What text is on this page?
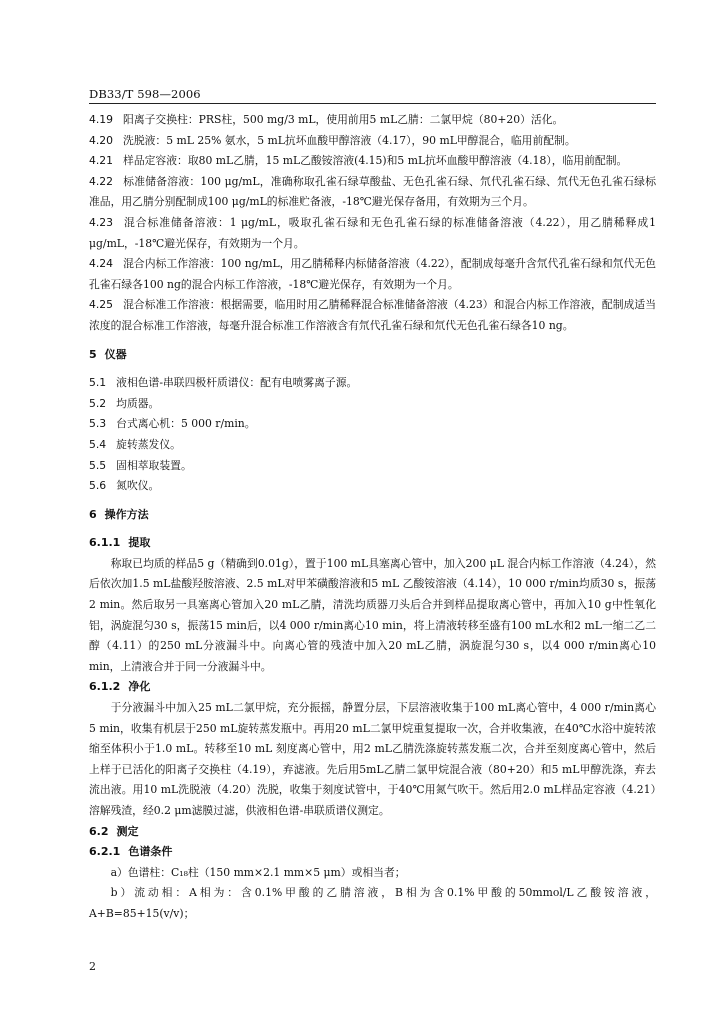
DB33/T 598—2006

4.19 阳离子交换柱：PRS柱，500 mg/3 mL，使用前用5 mL乙腈：二氯甲烷（80+20）活化。

4.20 洗脱液：5 mL 25% 氨水，5 mL抗坏血酸甲醇溶液（4.17），90 mL甲醇混合，临用前配制。

4.21 样品定容液：取80 mL乙腈，15 mL乙酸铵溶液(4.15)和5 mL抗坏血酸甲醇溶液（4.18），临用前配制。

4.22 标准储备溶液：100 μg/mL，准确称取孔雀石绿草酸盐、无色孔雀石绿、氘代孔雀石绿、氘代无色孔雀石绿标准品，用乙腈分别配制成100 μg/mL的标准贮备液，-18℃避光保存备用，有效期为三个月。

4.23 混合标准储备溶液：1 μg/mL，吸取孔雀石绿和无色孔雀石绿的标准储备溶液（4.22），用乙腈稀释成1 μg/mL，-18℃避光保存，有效期为一个月。

4.24 混合内标工作溶液：100 ng/mL，用乙腈稀释内标储备溶液（4.22），配制成每毫升含氘代孔雀石绿和氘代无色孔雀石绿各100 ng的混合内标工作溶液，-18℃避光保存，有效期为一个月。

4.25 混合标准工作溶液：根据需要，临用时用乙腈稀释混合标准储备溶液（4.23）和混合内标工作溶液，配制成适当浓度的混合标准工作溶液，每毫升混合标准工作溶液含有氘代孔雀石绿和氘代无色孔雀石绿各10 ng。

5 仪器

5.1 液相色谱-串联四极杆质谱仪：配有电喷雾离子源。

5.2 均质器。

5.3 台式离心机：5 000 r/min。

5.4 旋转蒸发仪。

5.5 固相萃取装置。

5.6 氮吹仪。

6 操作方法

6.1.1 提取

称取已均质的样品5 g（精确到0.01g），置于100 mL具塞离心管中，加入200 μL 混合内标工作溶液（4.24），然后依次加1.5 mL盐酸羟胺溶液、2.5 mL对甲苯磺酸溶液和5 mL 乙酸铵溶液（4.14），10 000 r/min均质30 s，振荡2 min。然后取另一具塞离心管加入20 mL乙腈，清洗均质器刀头后合并到样品提取离心管中，再加入10 g中性氧化铝，涡旋混匀30 s，振荡15 min后，以4 000 r/min离心10 min，将上清液转移至盛有100 mL水和2 mL一缩二乙二醇（4.11）的250 mL分液漏斗中。向离心管的残渣中加入20 mL乙腈，涡旋混匀30 s，以4 000 r/min离心10 min，上清液合并于同一分液漏斗中。

6.1.2 净化

于分液漏斗中加入25 mL二氯甲烷，充分振摇，静置分层，下层溶液收集于100 mL离心管中，4 000 r/min离心5 min，收集有机层于250 mL旋转蒸发瓶中。再用20 mL二氯甲烷重复提取一次，合并收集液，在40℃水浴中旋转浓缩至体积小于1.0 mL。转移至10 mL 刻度离心管中，用2 mL乙腈洗涤旋转蒸发瓶二次，合并至刻度离心管中，然后上样于已活化的阳离子交换柱（4.19），弃滤液。先后用5mL乙腈二氯甲烷混合液（80+20）和5 mL甲醇洗涤，弃去流出液。用10 mL洗脱液（4.20）洗脱，收集于刻度试管中，于40℃用氮气吹干。然后用2.0 mL样品定容液（4.21）溶解残渣，经0.2 μm滤膜过滤，供液相色谱-串联质谱仪测定。

6.2 测定

6.2.1 色谱条件

a）色谱柱：C₁₈柱（150 mm×2.1 mm×5 μm）或相当者；

b）流动相：A相为：含0.1%甲酸的乙腈溶液，B相为含0.1%甲酸的50mmol/L乙酸铵溶液，A+B=85+15(v/v)；

2
